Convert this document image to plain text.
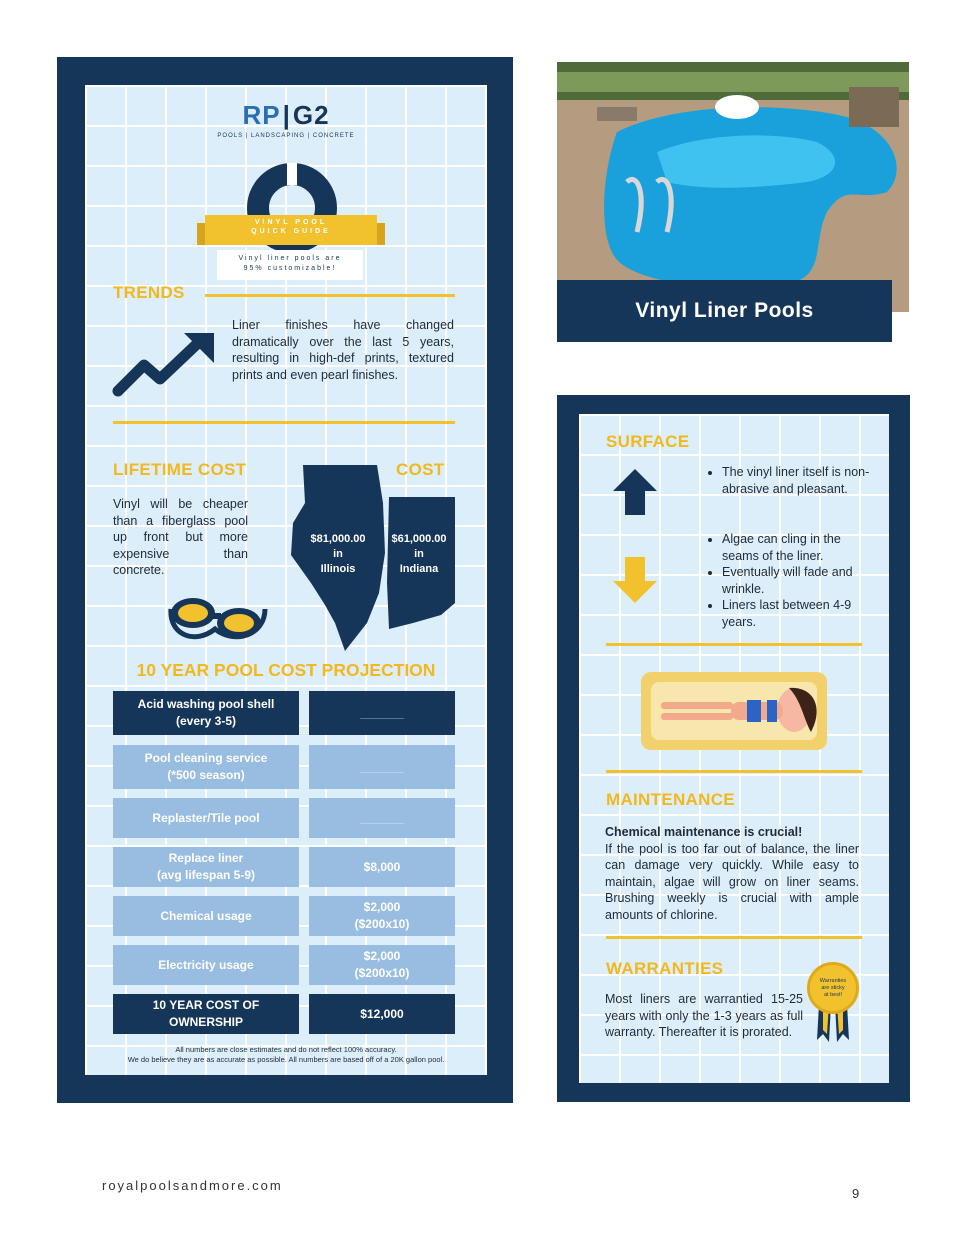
RP|G2
POOLS | LANDSCAPING | CONCRETE
VINYL POOL
QUICK GUIDE
Vinyl liner pools are
95% customizable!
TRENDS
Liner finishes have changed dramatically over the last 5 years, resulting in high-def prints, textured prints and even pearl finishes.
LIFETIME COST
Vinyl will be cheaper than a fiberglass pool up front but more expensive than concrete.
COST
$81,000.00
in
Illinois
$61,000.00
in
Indiana
10 YEAR POOL COST PROJECTION
Acid washing pool shell
(every 3-5)
_______
Pool cleaning service
(*500 season)
_______
Replaster/Tile pool	_______
Replace liner
(avg lifespan 5-9)
$8,000
Chemical usage
$2,000
($200x10)
Electricity usage
$2,000
($200x10)
10 YEAR COST OF
OWNERSHIP
$12,000
All numbers are close estimates and do not reflect 100% accuracy.
We do believe they are as accurate as possible. All numbers are based off of a 20K gallon pool.
Vinyl Liner Pools
SURFACE
• The vinyl liner itself is non-abrasive and pleasant.
• Algae can cling in the seams of the liner.
• Eventually will fade and wrinkle.
• Liners last between 4-9 years.
MAINTENANCE
Chemical maintenance is crucial!
If the pool is too far out of balance, the liner can damage very quickly. While easy to maintain, algae will grow on liner seams. Brushing weekly is crucial with ample amounts of chlorine.
WARRANTIES
Most liners are warrantied 15-25 years with only the 1-3 years as full warranty. Thereafter it is prorated.
Warranties
are sticky
at best!
royalpoolsandmore.com
9
